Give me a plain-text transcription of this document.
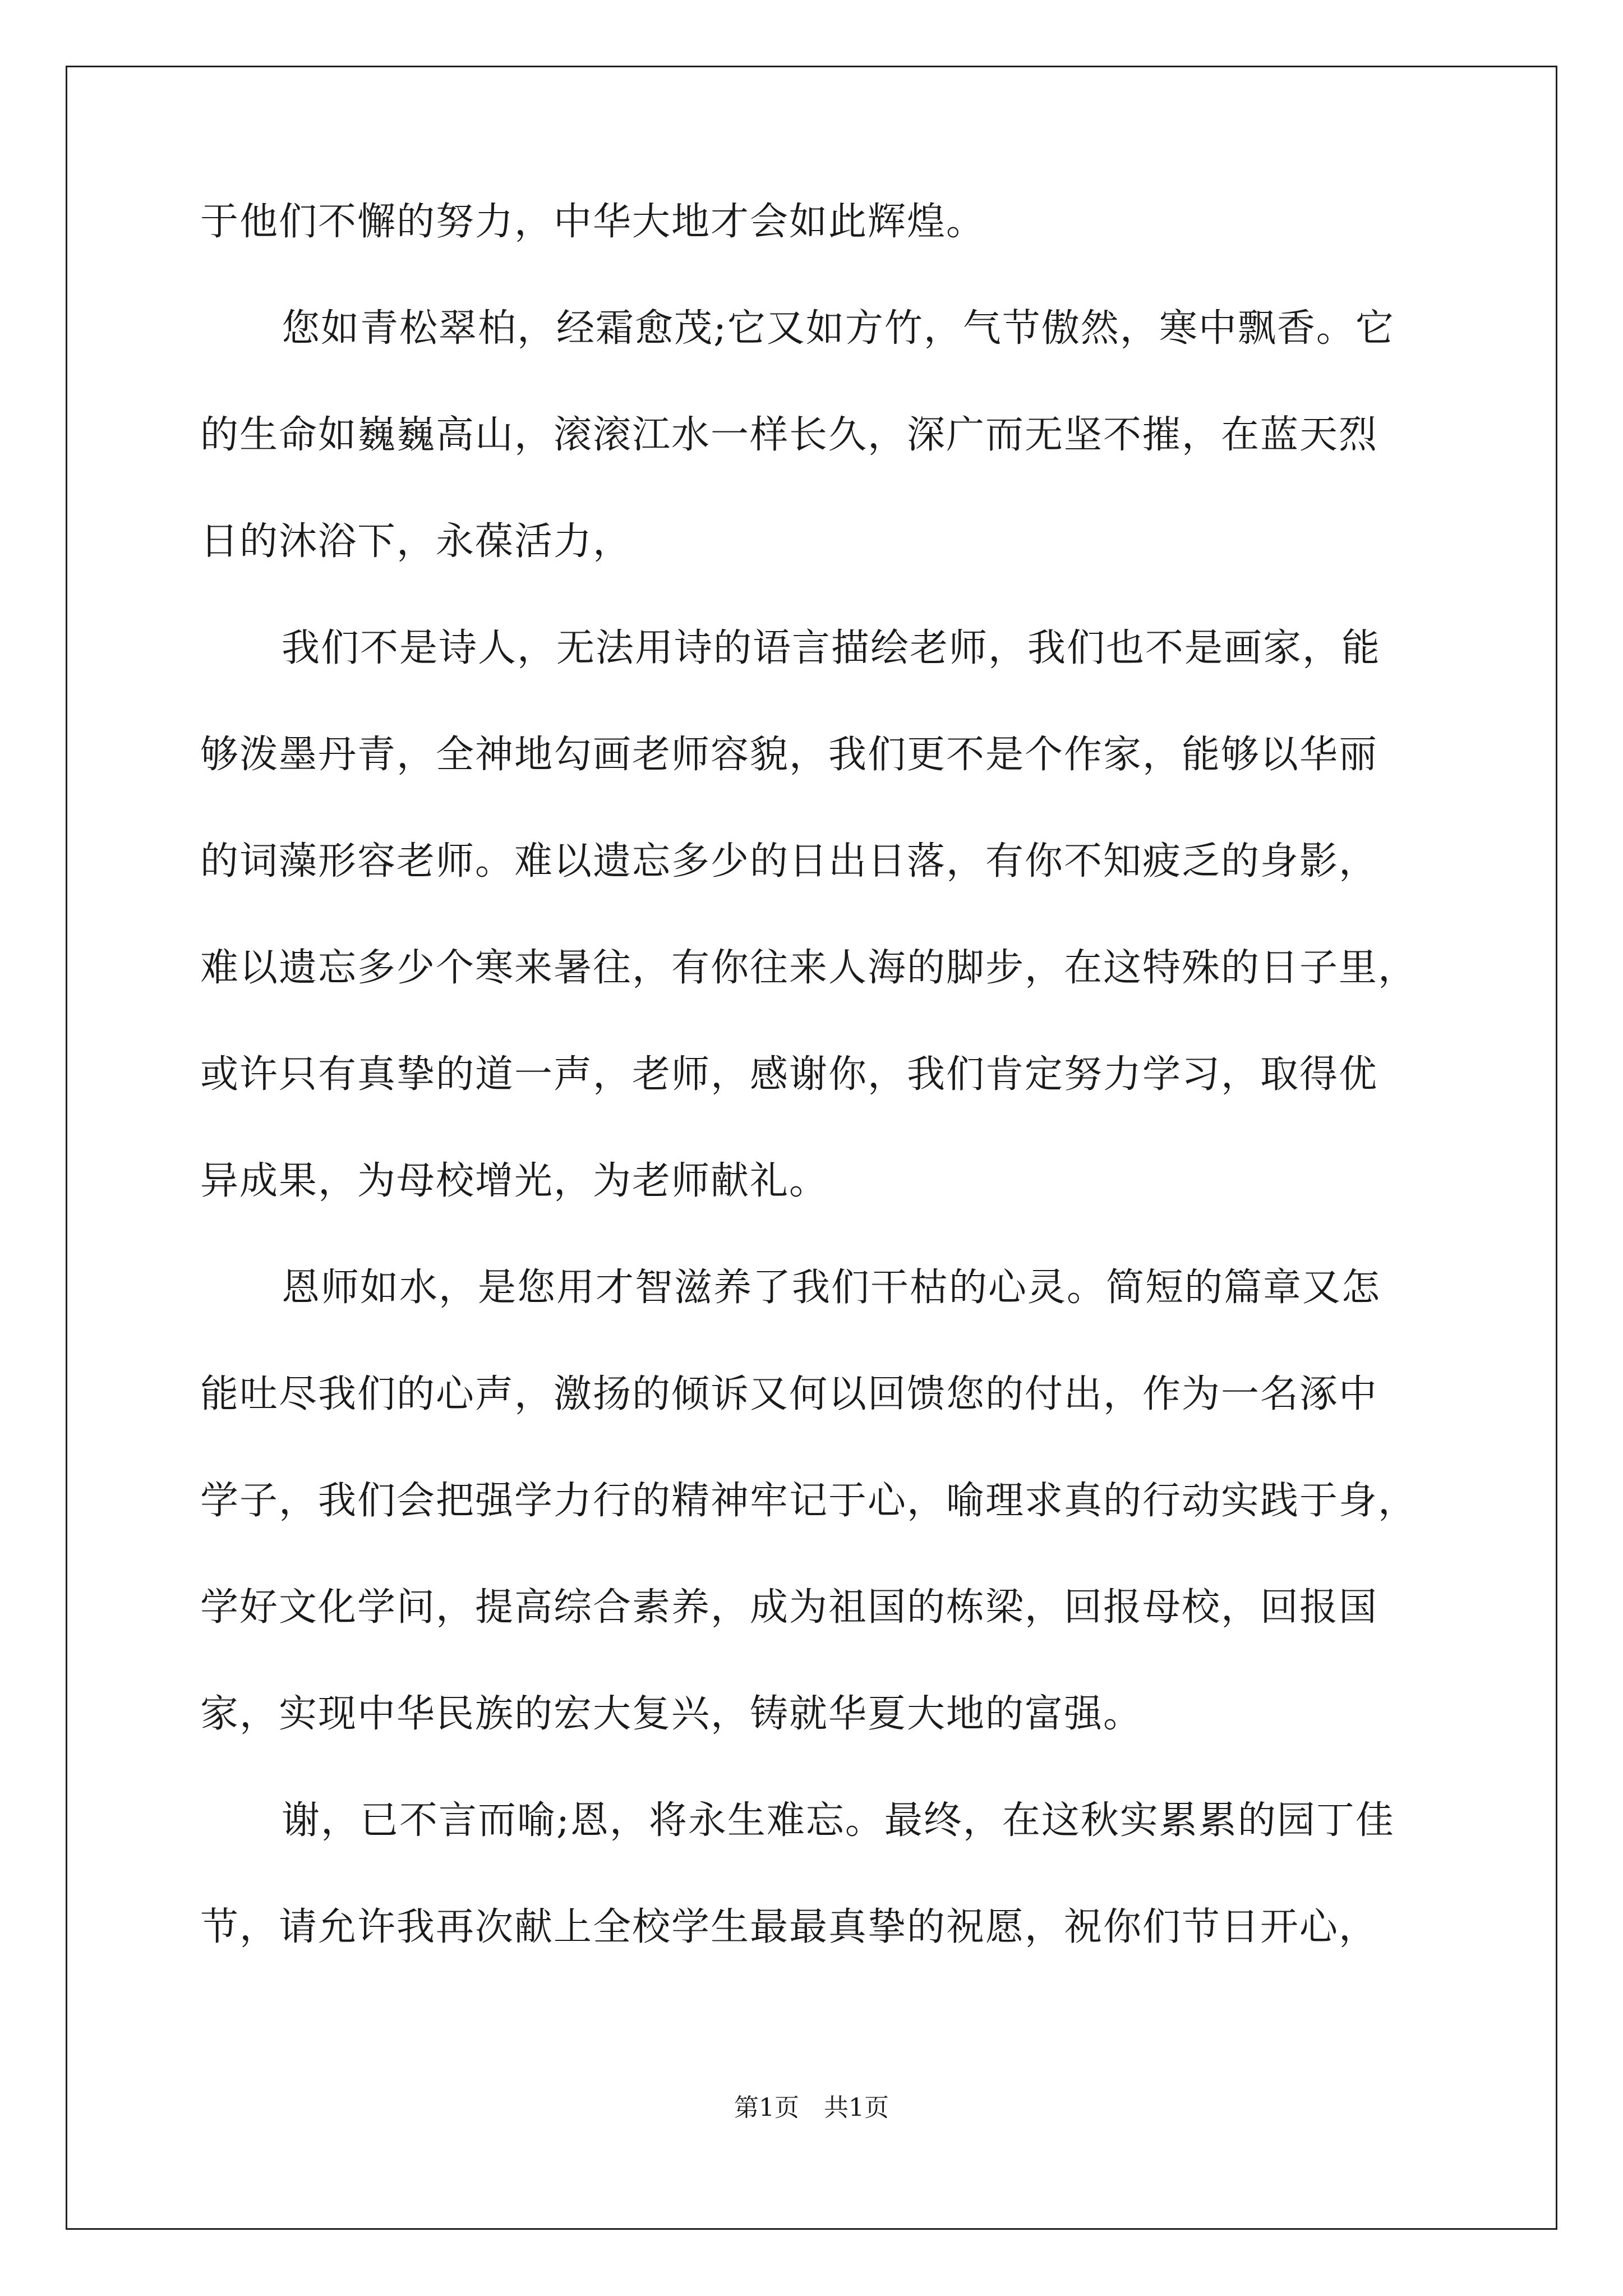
于他们不懈的努力，中华大地才会如此辉煌。
您如青松翠柏，经霜愈茂;它又如方竹，气节傲然，寒中飘香。它
的生命如巍巍高山，滚滚江水一样长久，深广而无坚不摧，在蓝天烈
日的沐浴下，永葆活力，
我们不是诗人，无法用诗的语言描绘老师，我们也不是画家，能
够泼墨丹青，全神地勾画老师容貌，我们更不是个作家，能够以华丽
的词藻形容老师。难以遗忘多少的日出日落，有你不知疲乏的身影，
难以遗忘多少个寒来暑往，有你往来人海的脚步，在这特殊的日子里，
或许只有真挚的道一声，老师，感谢你，我们肯定努力学习，取得优
异成果，为母校增光，为老师献礼。
恩师如水，是您用才智滋养了我们干枯的心灵。简短的篇章又怎
能吐尽我们的心声，激扬的倾诉又何以回馈您的付出，作为一名涿中
学子，我们会把强学力行的精神牢记于心，喻理求真的行动实践于身，
学好文化学问，提高综合素养，成为祖国的栋梁，回报母校，回报国
家，实现中华民族的宏大复兴，铸就华夏大地的富强。
谢，已不言而喻;恩，将永生难忘。最终，在这秋实累累的园丁佳
节，请允许我再次献上全校学生最最真挚的祝愿，祝你们节日开心，
第1页　共1页
